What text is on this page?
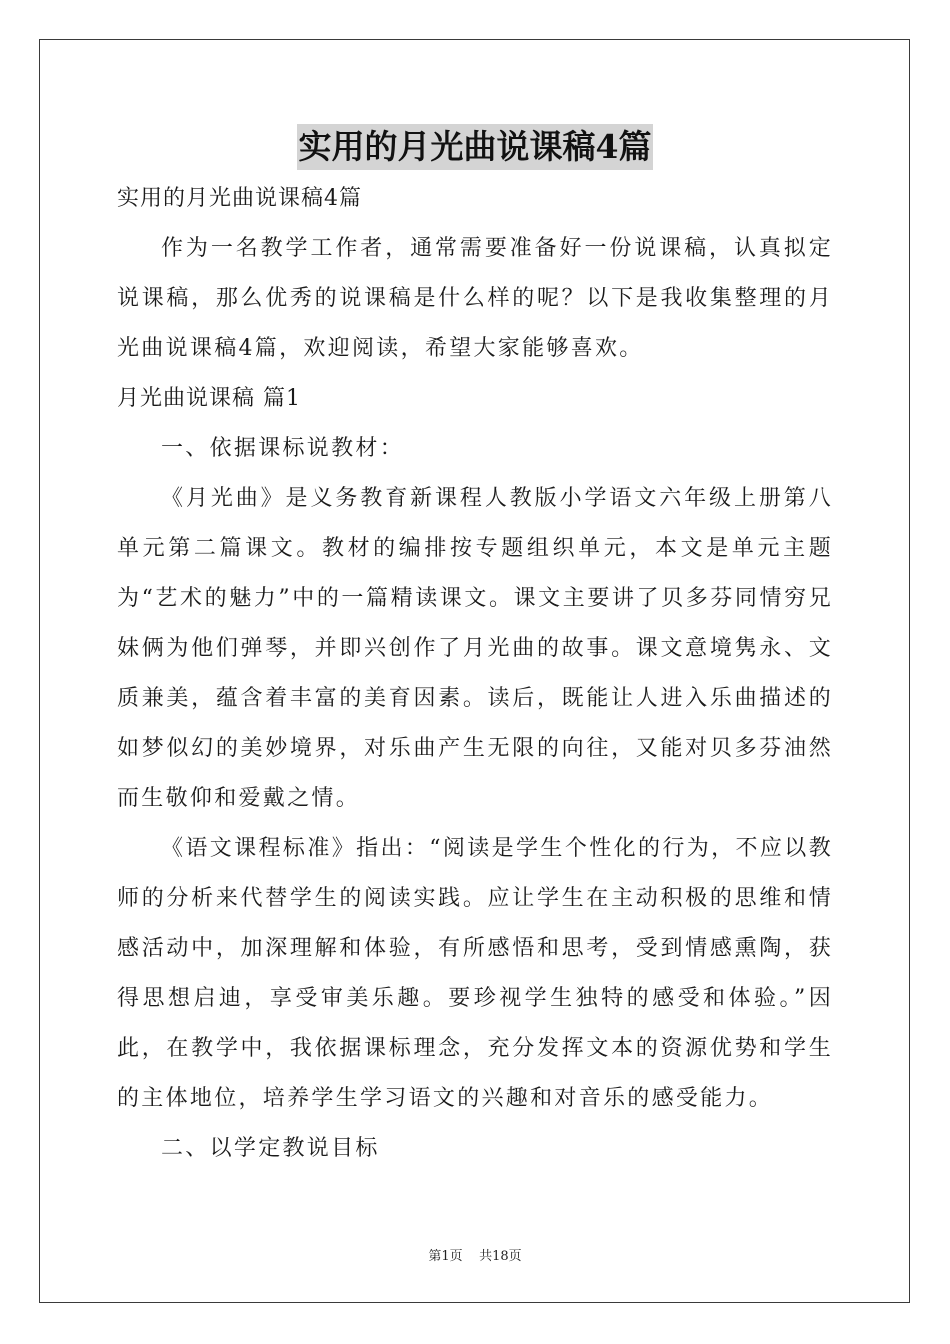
实用的月光曲说课稿4篇

实用的月光曲说课稿4篇

作为一名教学工作者，通常需要准备好一份说课稿，认真拟定说课稿，那么优秀的说课稿是什么样的呢？以下是我收集整理的月光曲说课稿4篇，欢迎阅读，希望大家能够喜欢。

月光曲说课稿 篇1

一、依据课标说教材：

《月光曲》是义务教育新课程人教版小学语文六年级上册第八单元第二篇课文。教材的编排按专题组织单元，本文是单元主题为“艺术的魅力”中的一篇精读课文。课文主要讲了贝多芬同情穷兄妹俩为他们弹琴，并即兴创作了月光曲的故事。课文意境隽永、文质兼美，蕴含着丰富的美育因素。读后，既能让人进入乐曲描述的如梦似幻的美妙境界，对乐曲产生无限的向往，又能对贝多芬油然而生敬仰和爱戴之情。

《语文课程标准》指出：“阅读是学生个性化的行为，不应以教师的分析来代替学生的阅读实践。应让学生在主动积极的思维和情感活动中，加深理解和体验，有所感悟和思考，受到情感熏陶，获得思想启迪，享受审美乐趣。要珍视学生独特的感受和体验。”因此，在教学中，我依据课标理念，充分发挥文本的资源优势和学生的主体地位，培养学生学习语文的兴趣和对音乐的感受能力。

二、以学定教说目标

第1页 共18页
